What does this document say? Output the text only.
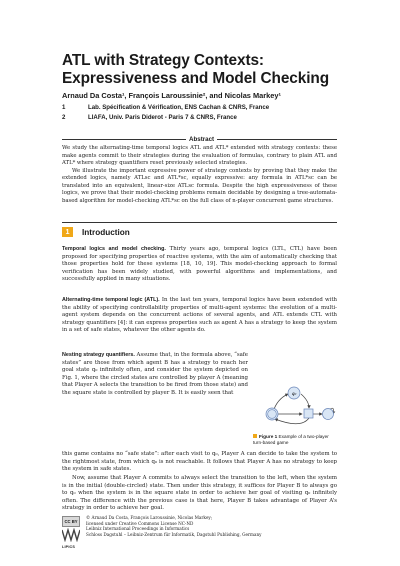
ATL with Strategy Contexts: Expressiveness and Model Checking
Arnaud Da Costa¹, François Laroussinie², and Nicolas Markey¹
1	Lab. Spécification & Vérification, ENS Cachan & CNRS, France
2	LIAFA, Univ. Paris Diderot - Paris 7 & CNRS, France
Abstract

We study the alternating-time temporal logics ATL and ATL* extended with strategy contexts: these make agents commit to their strategies during the evaluation of formulas, contrary to plain ATL and ATL* where strategy quantifiers reset previously selected strategies.

We illustrate the important expressive power of strategy contexts by proving that they make the extended logics, namely ATLsc and ATL*sc, equally expressive: any formula in ATL*sc can be translated into an equivalent, linear-size ATLsc formula. Despite the high expressiveness of these logics, we prove that their model-checking problems remain decidable by designing a tree-automata-based algorithm for model-checking ATL*sc on the full class of n-player concurrent game structures.

1	Introduction

Temporal logics and model checking. Thirty years ago, temporal logics (LTL, CTL) have been proposed for specifying properties of reactive systems, with the aim of automatically checking that those properties hold for these systems [18, 10, 19]. This model-checking approach to formal verification has been widely studied, with powerful algorithms and implementations, and successfully applied in many situations.

Alternating-time temporal logic (ATL). In the last ten years, temporal logics have been extended with the ability of specifying controllability properties of multi-agent systems: the evolution of a multi-agent system depends on the concurrent actions of several agents, and ATL extends CTL with strategy quantifiers [4]: it can express properties such as agent A has a strategy to keep the system in a set of safe states, whatever the other agents do.

Nesting strategy quantifiers. Assume that, in the formula above, “safe states” are those from which agent B has a strategy to reach her goal state q₀ infinitely often, and consider the system depicted on Fig. 1, where the circled states are controlled by player A (meaning that Player A selects the transition to be fired from those state) and the square state is controlled by player B. It is easily seen that

this game contains no “safe state”: after each visit to q₀, Player A can decide to take the system to the rightmost state, from which q₀ is not reachable. It follows that Player A has no strategy to keep the system in safe states.

Now, assume that Player A commits to always select the transition to the left, when the system is in the initial (double-circled) state. Then under this strategy, it suffices for Player B to always go to q₀ when the system is in the square state in order to achieve her goal of visiting q₀ infinitely often. The difference with the previous case is that here, Player B takes advantage of Player A’s strategy in order to achieve her goal.

q₀
Figure 1 Example of a two-player turn-based game
CC BY
© Arnaud Da Costa, François Laroussinie, Nicolas Markey;
licensed under Creative Commons License NC-ND
Leibniz International Proceedings in Informatics
Schloss Dagstuhl – Leibniz-Zentrum für Informatik, Dagstuhl Publishing, Germany
LIPICS
